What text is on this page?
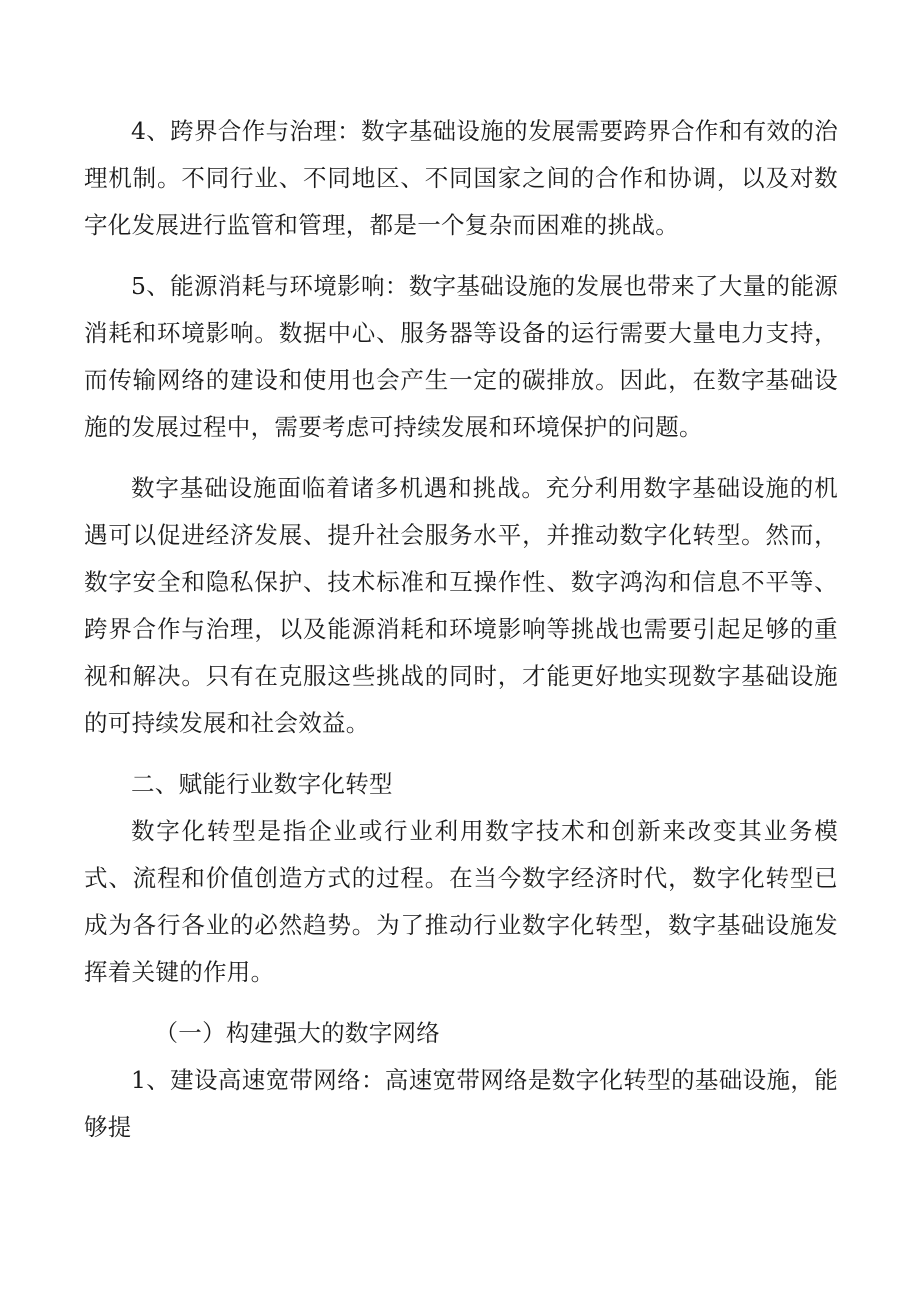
4、跨界合作与治理：数字基础设施的发展需要跨界合作和有效的治理机制。不同行业、不同地区、不同国家之间的合作和协调，以及对数字化发展进行监管和管理，都是一个复杂而困难的挑战。

5、能源消耗与环境影响：数字基础设施的发展也带来了大量的能源消耗和环境影响。数据中心、服务器等设备的运行需要大量电力支持，而传输网络的建设和使用也会产生一定的碳排放。因此，在数字基础设施的发展过程中，需要考虑可持续发展和环境保护的问题。

数字基础设施面临着诸多机遇和挑战。充分利用数字基础设施的机遇可以促进经济发展、提升社会服务水平，并推动数字化转型。然而，数字安全和隐私保护、技术标准和互操作性、数字鸿沟和信息不平等、跨界合作与治理，以及能源消耗和环境影响等挑战也需要引起足够的重视和解决。只有在克服这些挑战的同时，才能更好地实现数字基础设施的可持续发展和社会效益。

二、赋能行业数字化转型

数字化转型是指企业或行业利用数字技术和创新来改变其业务模式、流程和价值创造方式的过程。在当今数字经济时代，数字化转型已成为各行各业的必然趋势。为了推动行业数字化转型，数字基础设施发挥着关键的作用。

（一）构建强大的数字网络

1、建设高速宽带网络：高速宽带网络是数字化转型的基础设施，能够提
